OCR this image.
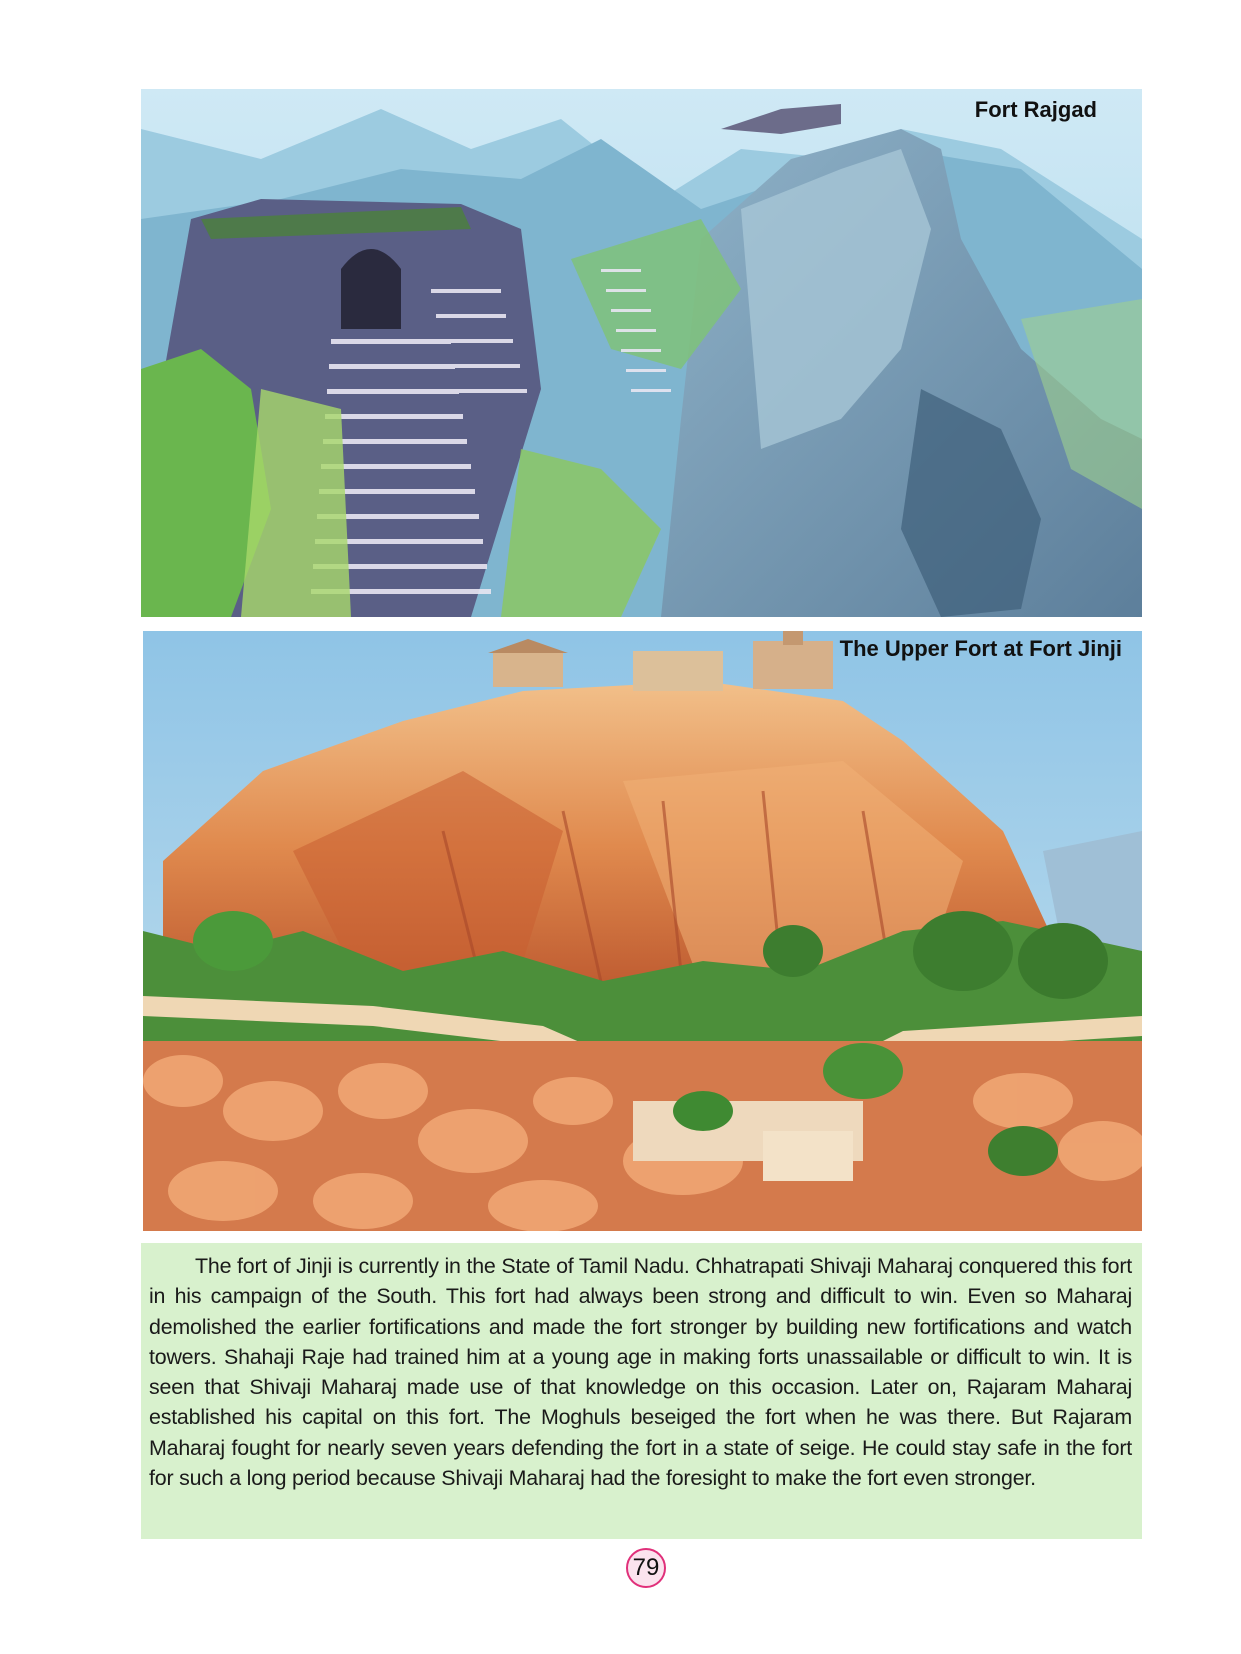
Fort Rajgad
The Upper Fort at Fort Jinji

The fort of Jinji is currently in the State of Tamil Nadu. Chhatrapati Shivaji Maharaj conquered this fort in his campaign of the South. This fort had always been strong and difficult to win. Even so Maharaj demolished the earlier fortifications and made the fort stronger by building new fortifications and watch towers. Shahaji Raje had trained him at a young age in making forts unassailable or difficult to win. It is seen that Shivaji Maharaj made use of that knowledge on this occasion. Later on, Rajaram Maharaj established his capital on this fort. The Moghuls beseiged the fort when he was there. But Rajaram Maharaj fought for nearly seven years defending the fort in a state of seige. He could stay safe in the fort for such a long period because Shivaji Maharaj had the foresight to make the fort even stronger.

79
